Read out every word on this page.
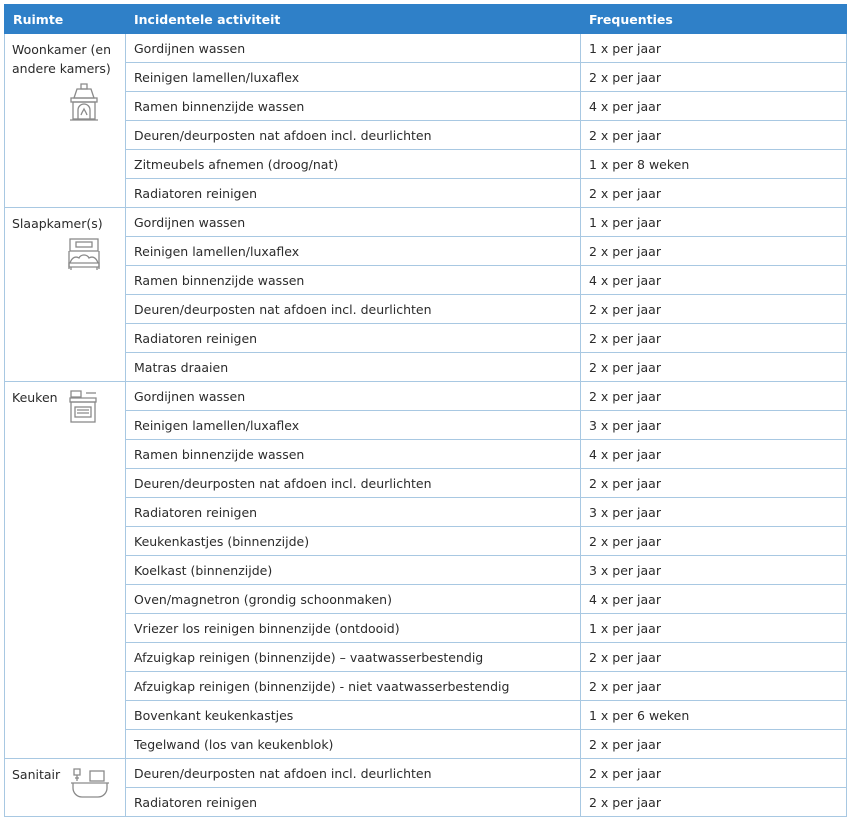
Ruimte	Incidentele activiteit	Frequenties

Woonkamer (en andere kamers)	Gordijnen wassen	1 x per jaar
	Reinigen lamellen/luxaflex	2 x per jaar
	Ramen binnenzijde wassen	4 x per jaar
	Deuren/deurposten nat afdoen incl. deurlichten	2 x per jaar
	Zitmeubels afnemen (droog/nat)	1 x per 8 weken
	Radiatoren reinigen	2 x per jaar

Slaapkamer(s)	Gordijnen wassen	1 x per jaar
	Reinigen lamellen/luxaflex	2 x per jaar
	Ramen binnenzijde wassen	4 x per jaar
	Deuren/deurposten nat afdoen incl. deurlichten	2 x per jaar
	Radiatoren reinigen	2 x per jaar
	Matras draaien	2 x per jaar

Keuken	Gordijnen wassen	2 x per jaar
	Reinigen lamellen/luxaflex	3 x per jaar
	Ramen binnenzijde wassen	4 x per jaar
	Deuren/deurposten nat afdoen incl. deurlichten	2 x per jaar
	Radiatoren reinigen	3 x per jaar
	Keukenkastjes (binnenzijde)	2 x per jaar
	Koelkast (binnenzijde)	3 x per jaar
	Oven/magnetron (grondig schoonmaken)	4 x per jaar
	Vriezer los reinigen binnenzijde (ontdooid)	1 x per jaar
	Afzuigkap reinigen (binnenzijde) – vaatwasserbestendig	2 x per jaar
	Afzuigkap reinigen (binnenzijde) - niet vaatwasserbestendig	2 x per jaar
	Bovenkant keukenkastjes	1 x per 6 weken
	Tegelwand (los van keukenblok)	2 x per jaar

Sanitair	Deuren/deurposten nat afdoen incl. deurlichten	2 x per jaar
	Radiatoren reinigen	2 x per jaar
